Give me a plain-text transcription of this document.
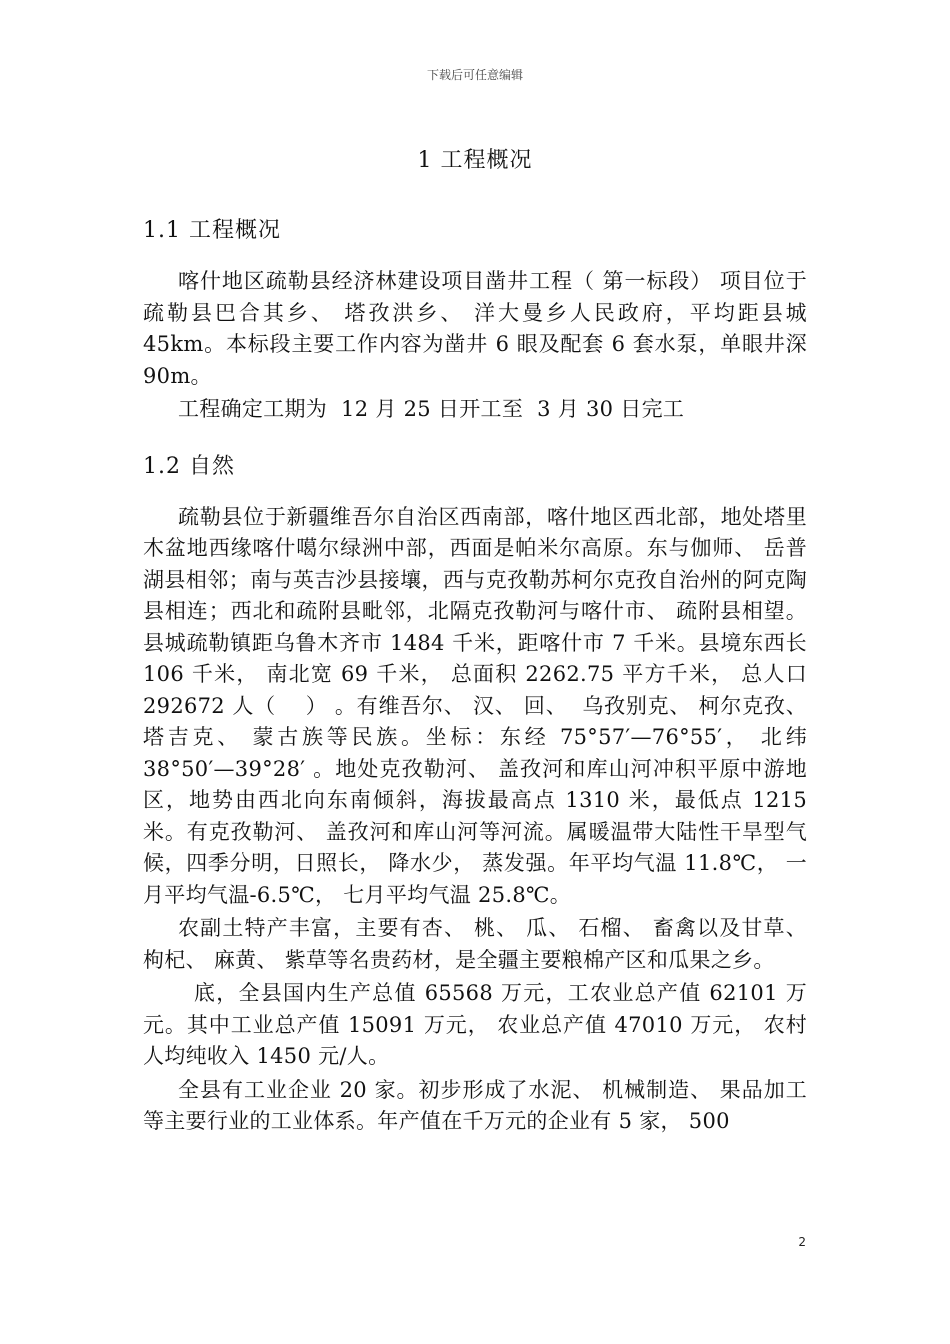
下载后可任意编辑
1 工程概况
1.1 工程概况

喀什地区疏勒县经济林建设项目凿井工程（ 第一标段） 项目位于疏勒县巴合其乡、 塔孜洪乡、 洋大曼乡人民政府，平均距县城 45km。本标段主要工作内容为凿井 6 眼及配套 6 套水泵，单眼井深 90m。

工程确定工期为  12 月 25 日开工至  3 月 30 日完工

1.2 自然

疏勒县位于新疆维吾尔自治区西南部，喀什地区西北部，地处塔里木盆地西缘喀什噶尔绿洲中部，西面是帕米尔高原。东与伽师、 岳普湖县相邻；南与英吉沙县接壤，西与克孜勒苏柯尔克孜自治州的阿克陶县相连；西北和疏附县毗邻，北隔克孜勒河与喀什市、 疏附县相望。县城疏勒镇距乌鲁木齐市 1484 千米，距喀什市 7 千米。县境东西长 106 千米， 南北宽 69 千米， 总面积 2262.75 平方千米， 总人口 292672 人（    ） 。有维吾尔、 汉、 回、  乌孜别克、 柯尔克孜、 塔吉克、 蒙古族等民族。坐标：东经 75°57′—76°55′， 北纬 38°50′—39°28′ 。地处克孜勒河、 盖孜河和库山河冲积平原中游地区，地势由西北向东南倾斜，海拔最高点 1310 米，最低点 1215 米。有克孜勒河、 盖孜河和库山河等河流。属暖温带大陆性干旱型气候，四季分明，日照长， 降水少， 蒸发强。年平均气温 11.8℃， 一月平均气温-6.5℃， 七月平均气温 25.8℃。

农副土特产丰富，主要有杏、 桃、 瓜、 石榴、 畜禽以及甘草、 枸杞、 麻黄、 紫草等名贵药材，是全疆主要粮棉产区和瓜果之乡。

底，全县国内生产总值 65568 万元，工农业总产值 62101 万元。其中工业总产值 15091 万元， 农业总产值 47010 万元， 农村人均纯收入 1450 元/人。

全县有工业企业 20 家。初步形成了水泥、 机械制造、 果品加工等主要行业的工业体系。年产值在千万元的企业有 5 家， 500

2
